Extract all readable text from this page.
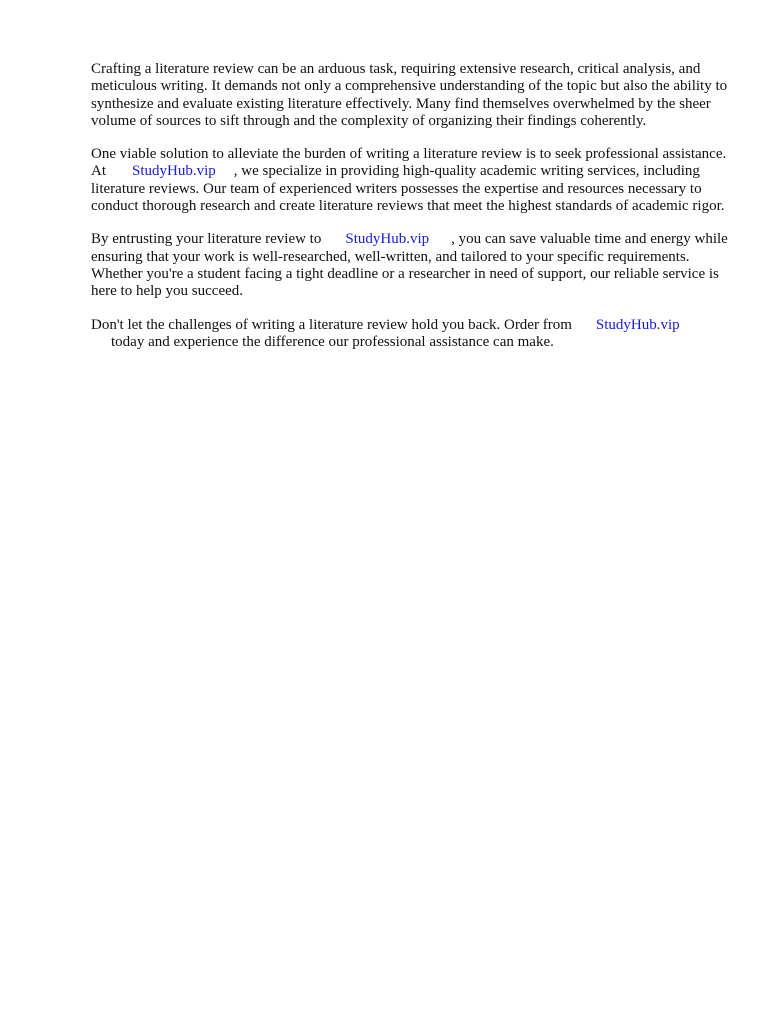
Crafting a literature review can be an arduous task, requiring extensive research, critical analysis, and meticulous writing. It demands not only a comprehensive understanding of the topic but also the ability to synthesize and evaluate existing literature effectively. Many find themselves overwhelmed by the sheer volume of sources to sift through and the complexity of organizing their findings coherently.

One viable solution to alleviate the burden of writing a literature review is to seek professional assistance. At StudyHub.vip , we specialize in providing high-quality academic writing services, including literature reviews. Our team of experienced writers possesses the expertise and resources necessary to conduct thorough research and create literature reviews that meet the highest standards of academic rigor.

By entrusting your literature review to StudyHub.vip , you can save valuable time and energy while ensuring that your work is well-researched, well-written, and tailored to your specific requirements. Whether you're a student facing a tight deadline or a researcher in need of support, our reliable service is here to help you succeed.

Don't let the challenges of writing a literature review hold you back. Order from StudyHub.vip
today and experience the difference our professional assistance can make.
